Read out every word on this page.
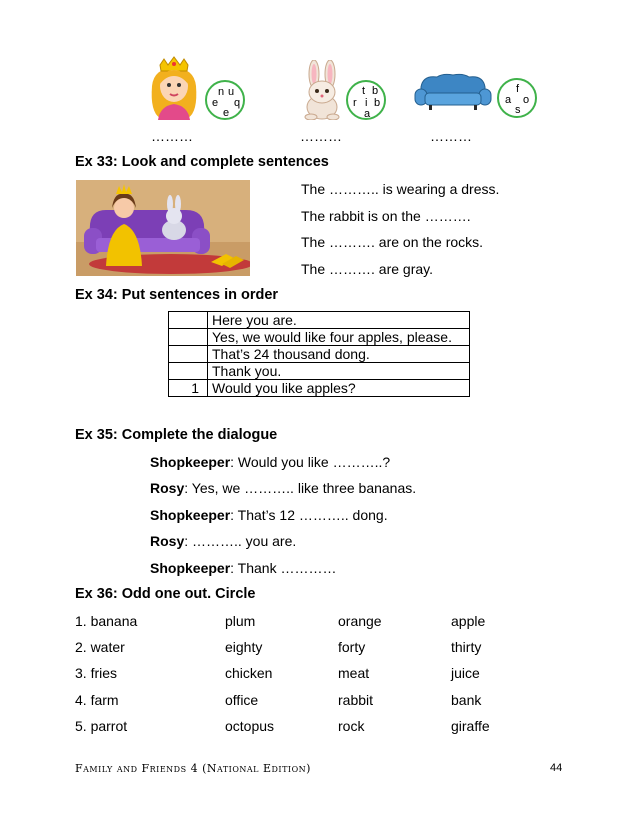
n u
e q
e
t b
r i b
a
f
a o
s
………	………	………
Ex 33: Look and complete sentences
The ……….. is wearing a dress.
The rabbit is on the ……….
The ………. are on the rocks.
The ………. are gray.
Ex 34: Put sentences in order
	Here you are.
	Yes, we would like four apples, please.
	That’s 24 thousand dong.
	Thank you.
1	Would you like apples?
Ex 35: Complete the dialogue
Shopkeeper: Would you like ………..?
Rosy: Yes, we ……….. like three bananas.
Shopkeeper: That’s 12 ……….. dong.
Rosy: ……….. you are.
Shopkeeper: Thank …………
Ex 36: Odd one out. Circle
1. banana	plum	orange	apple
2. water	eighty	forty	thirty
3. fries	chicken	meat	juice
4. farm	office	rabbit	bank
5. parrot	octopus	rock	giraffe
Family and Friends 4 (National Edition)	44
